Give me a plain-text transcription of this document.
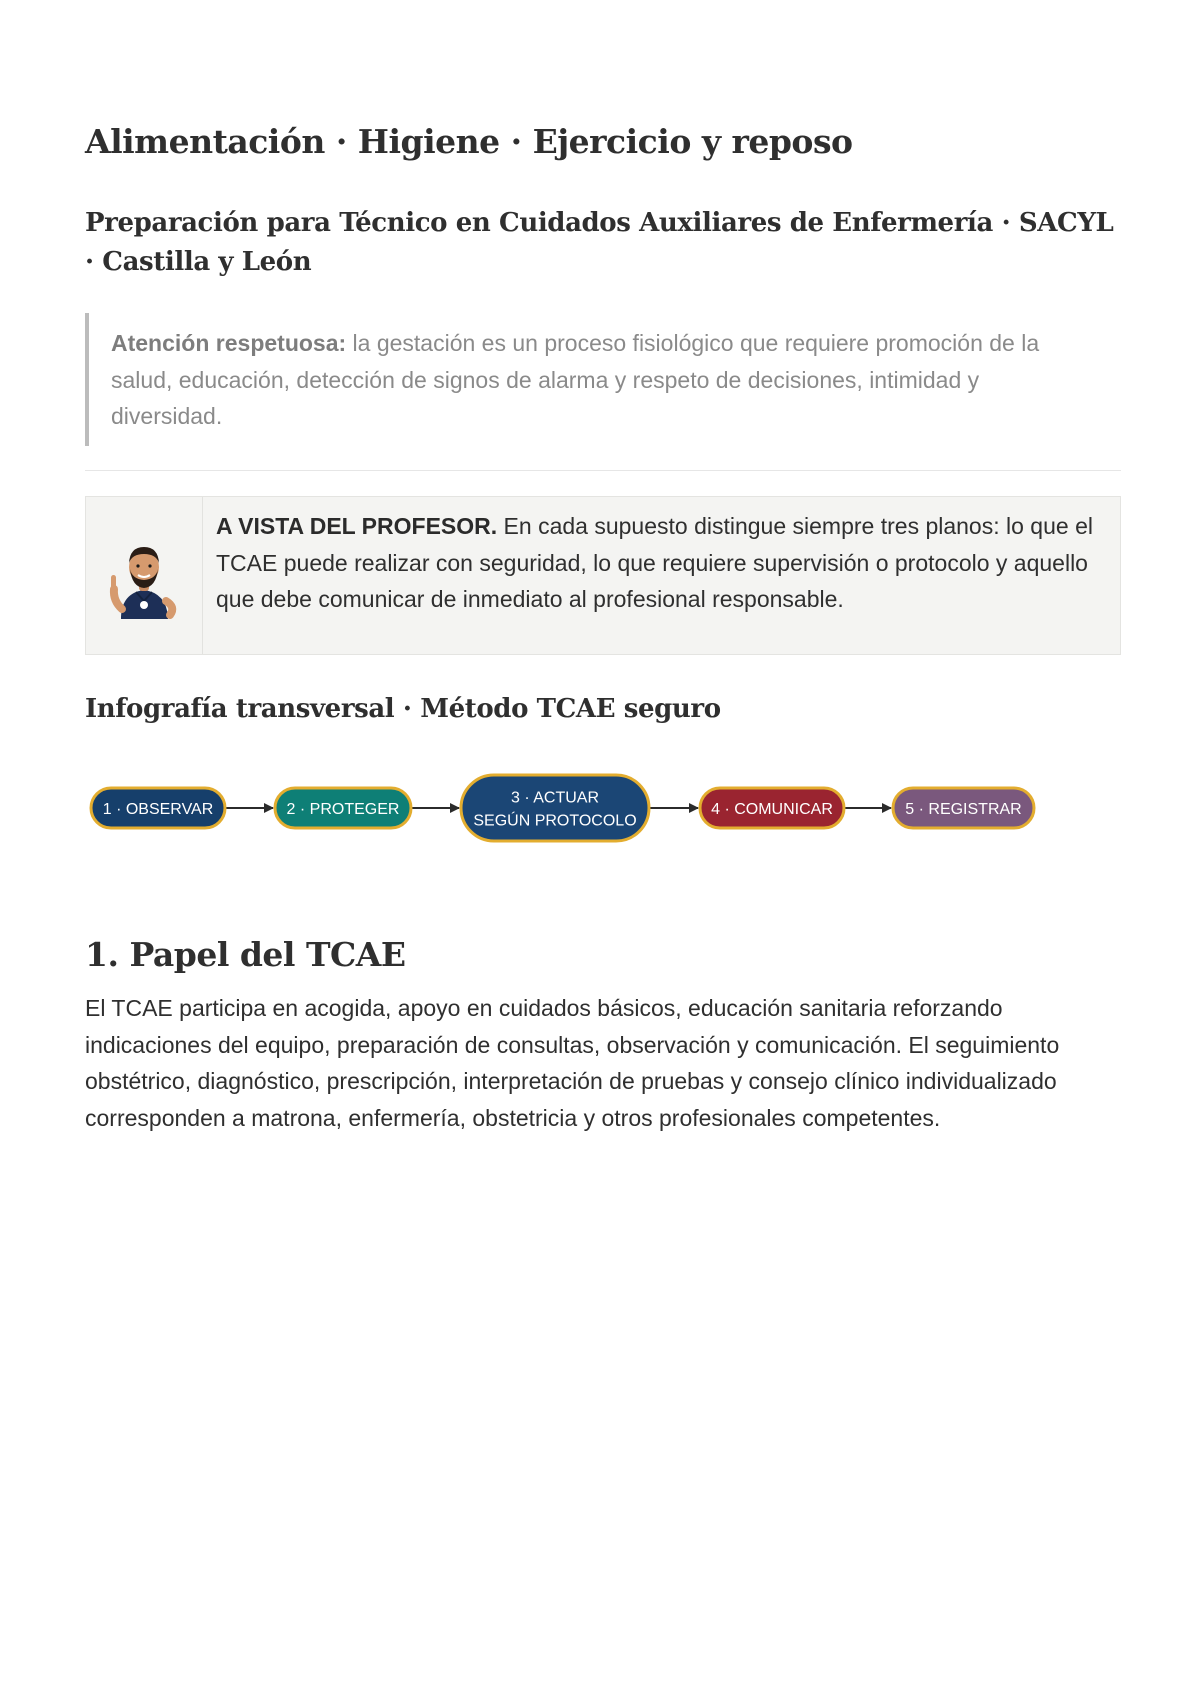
Alimentación · Higiene · Ejercicio y reposo
Preparación para Técnico en Cuidados Auxiliares de Enfermería · SACYL · Castilla y León
Atención respetuosa: la gestación es un proceso fisiológico que requiere promoción de la salud, educación, detección de signos de alarma y respeto de decisiones, intimidad y diversidad.
A VISTA DEL PROFESOR. En cada supuesto distingue siempre tres planos: lo que el TCAE puede realizar con seguridad, lo que requiere supervisión o protocolo y aquello que debe comunicar de inmediato al profesional responsable.
Infografía transversal · Método TCAE seguro
1 · OBSERVAR	2 · PROTEGER
3 · ACTUAR
SEGÚN PROTOCOLO
4 · COMUNICAR	5 · REGISTRAR
1. Papel del TCAE

El TCAE participa en acogida, apoyo en cuidados básicos, educación sanitaria reforzando indicaciones del equipo, preparación de consultas, observación y comunicación. El seguimiento obstétrico, diagnóstico, prescripción, interpretación de pruebas y consejo clínico individualizado corresponden a matrona, enfermería, obstetricia y otros profesionales competentes.
